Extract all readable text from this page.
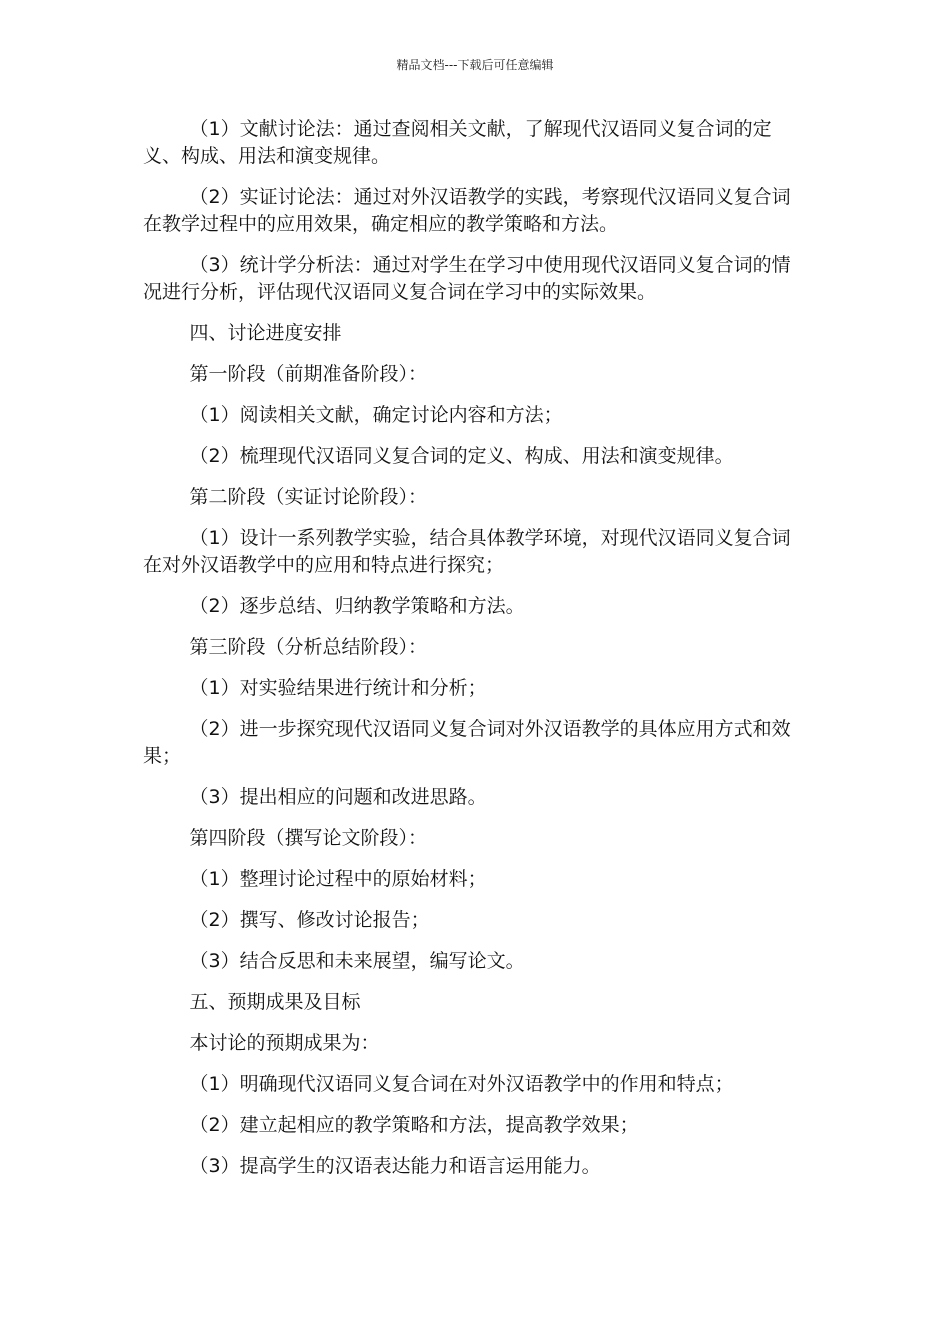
精品文档---下载后可任意编辑

（1）文献讨论法：通过查阅相关文献，了解现代汉语同义复合词的定义、构成、用法和演变规律。

（2）实证讨论法：通过对外汉语教学的实践，考察现代汉语同义复合词在教学过程中的应用效果，确定相应的教学策略和方法。

（3）统计学分析法：通过对学生在学习中使用现代汉语同义复合词的情况进行分析，评估现代汉语同义复合词在学习中的实际效果。

四、讨论进度安排

第一阶段（前期准备阶段）：

（1）阅读相关文献，确定讨论内容和方法；

（2）梳理现代汉语同义复合词的定义、构成、用法和演变规律。

第二阶段（实证讨论阶段）：

（1）设计一系列教学实验，结合具体教学环境，对现代汉语同义复合词在对外汉语教学中的应用和特点进行探究；

（2）逐步总结、归纳教学策略和方法。

第三阶段（分析总结阶段）：

（1）对实验结果进行统计和分析；

（2）进一步探究现代汉语同义复合词对外汉语教学的具体应用方式和效果；

（3）提出相应的问题和改进思路。

第四阶段（撰写论文阶段）：

（1）整理讨论过程中的原始材料；

（2）撰写、修改讨论报告；

（3）结合反思和未来展望，编写论文。

五、预期成果及目标

本讨论的预期成果为：

（1）明确现代汉语同义复合词在对外汉语教学中的作用和特点；

（2）建立起相应的教学策略和方法，提高教学效果；

（3）提高学生的汉语表达能力和语言运用能力。
